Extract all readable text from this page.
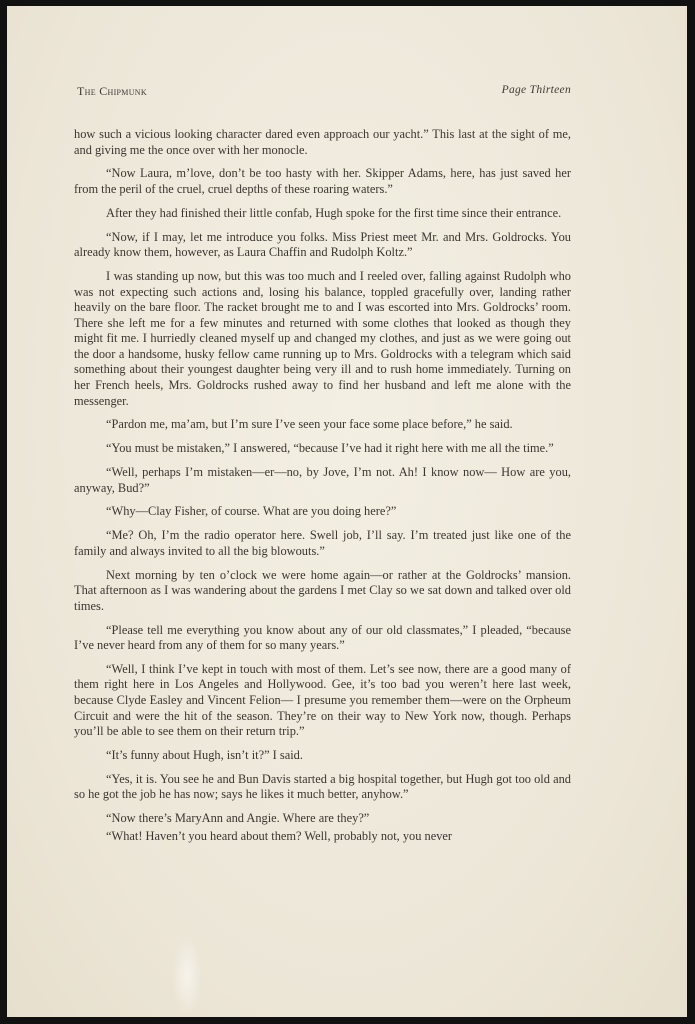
The Chipmunk	Page Thirteen

how such a vicious looking character dared even approach our yacht.” This last at the sight of me, and giving me the once over with her monocle.

“Now Laura, m’love, don’t be too hasty with her. Skipper Adams, here, has just saved her from the peril of the cruel, cruel depths of these roaring waters.”

After they had finished their little confab, Hugh spoke for the first time since their entrance.

“Now, if I may, let me introduce you folks. Miss Priest meet Mr. and Mrs. Goldrocks. You already know them, however, as Laura Chaffin and Rudolph Koltz.”

I was standing up now, but this was too much and I reeled over, falling against Rudolph who was not expecting such actions and, losing his balance, toppled gracefully over, landing rather heavily on the bare floor. The racket brought me to and I was escorted into Mrs. Goldrocks’ room. There she left me for a few minutes and returned with some clothes that looked as though they might fit me. I hurriedly cleaned myself up and changed my clothes, and just as we were going out the door a handsome, husky fellow came running up to Mrs. Goldrocks with a telegram which said something about their youngest daughter being very ill and to rush home immediately. Turning on her French heels, Mrs. Goldrocks rushed away to find her husband and left me alone with the messenger.

“Pardon me, ma’am, but I’m sure I’ve seen your face some place before,” he said.

“You must be mistaken,” I answered, “because I’ve had it right here with me all the time.”

“Well, perhaps I’m mistaken—er—no, by Jove, I’m not. Ah! I know now— How are you, anyway, Bud?”

“Why—Clay Fisher, of course. What are you doing here?”

“Me? Oh, I’m the radio operator here. Swell job, I’ll say. I’m treated just like one of the family and always invited to all the big blowouts.”

Next morning by ten o’clock we were home again—or rather at the Goldrocks’ mansion. That afternoon as I was wandering about the gardens I met Clay so we sat down and talked over old times.

“Please tell me everything you know about any of our old classmates,” I pleaded, “because I’ve never heard from any of them for so many years.”

“Well, I think I’ve kept in touch with most of them. Let’s see now, there are a good many of them right here in Los Angeles and Hollywood. Gee, it’s too bad you weren’t here last week, because Clyde Easley and Vincent Felion— I presume you remember them—were on the Orpheum Circuit and were the hit of the season. They’re on their way to New York now, though. Perhaps you’ll be able to see them on their return trip.”

“It’s funny about Hugh, isn’t it?” I said.

“Yes, it is. You see he and Bun Davis started a big hospital together, but Hugh got too old and so he got the job he has now; says he likes it much better, anyhow.”

“Now there’s MaryAnn and Angie. Where are they?”

“What! Haven’t you heard about them? Well, probably not, you never
